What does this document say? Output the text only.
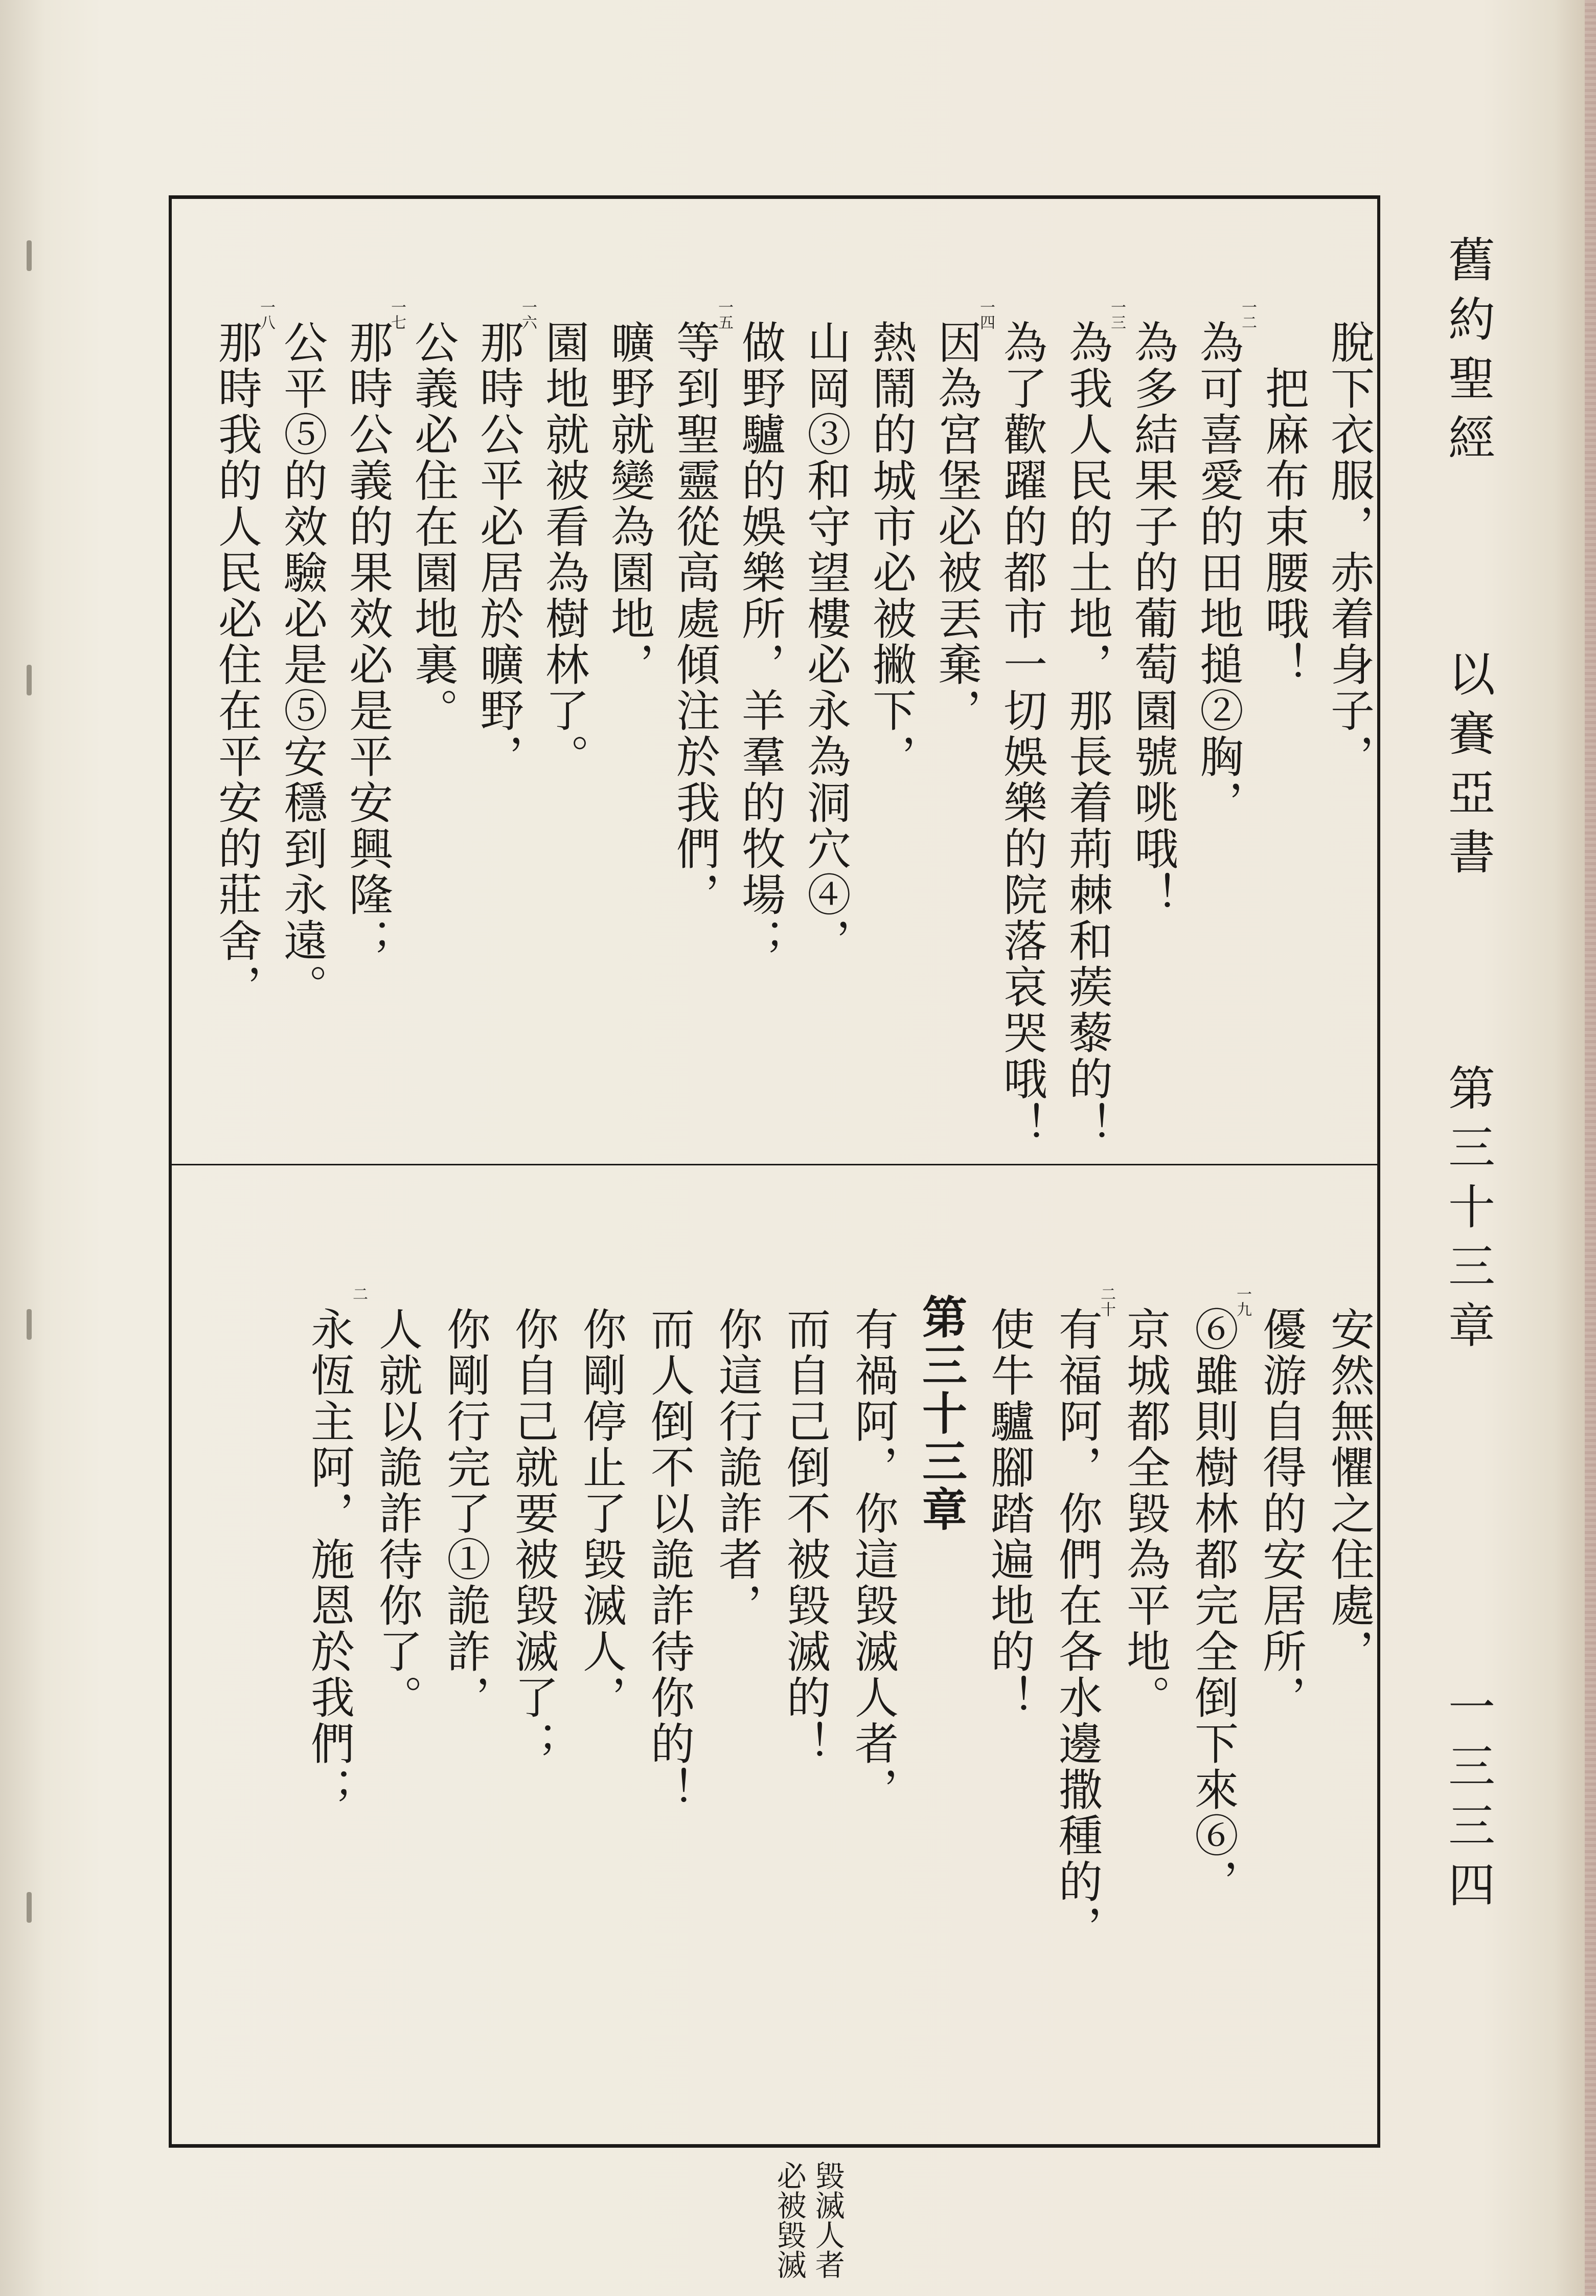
舊約聖經
以賽亞書
第三十三章
一三三四
脫下衣服，赤着身子，
　把麻布束腰哦！
為可喜愛的田地搥②胸，
一二
為多結果子的葡萄園號咷哦！
為我人民的土地，那長着荊棘和蒺藜的！
一三
為了歡躍的都市一切娛樂的院落哀哭哦！
因為宮堡必被丟棄，
一四
熱鬧的城市必被撇下，
山岡③和守望樓必永為洞穴④，
做野驢的娛樂所，羊羣的牧場；
等到聖靈從高處傾注於我們，
一五
曠野就變為園地，
園地就被看為樹林了。
那時公平必居於曠野，
一六
公義必住在園地裏。
那時公義的果效必是平安興隆；
一七
公平⑤的效驗必是⑤安穩到永遠。
那時我的人民必住在平安的莊舍，
一八
安然無懼之住處，
優游自得的安居所，
⑥雖則樹林都完全倒下來⑥，
一九
京城都全毀為平地。
有福阿，你們在各水邊撒種的，
二十
使牛驢腳踏遍地的！
第三十三章
有禍阿，你這毀滅人者，
而自己倒不被毀滅的！
你這行詭詐者，
而人倒不以詭詐待你的！
你剛停止了毀滅人，
你自己就要被毀滅了；
你剛行完了①詭詐，
人就以詭詐待你了。
永恆主阿，施恩於我們；
二
毀滅人者
必被毀滅
